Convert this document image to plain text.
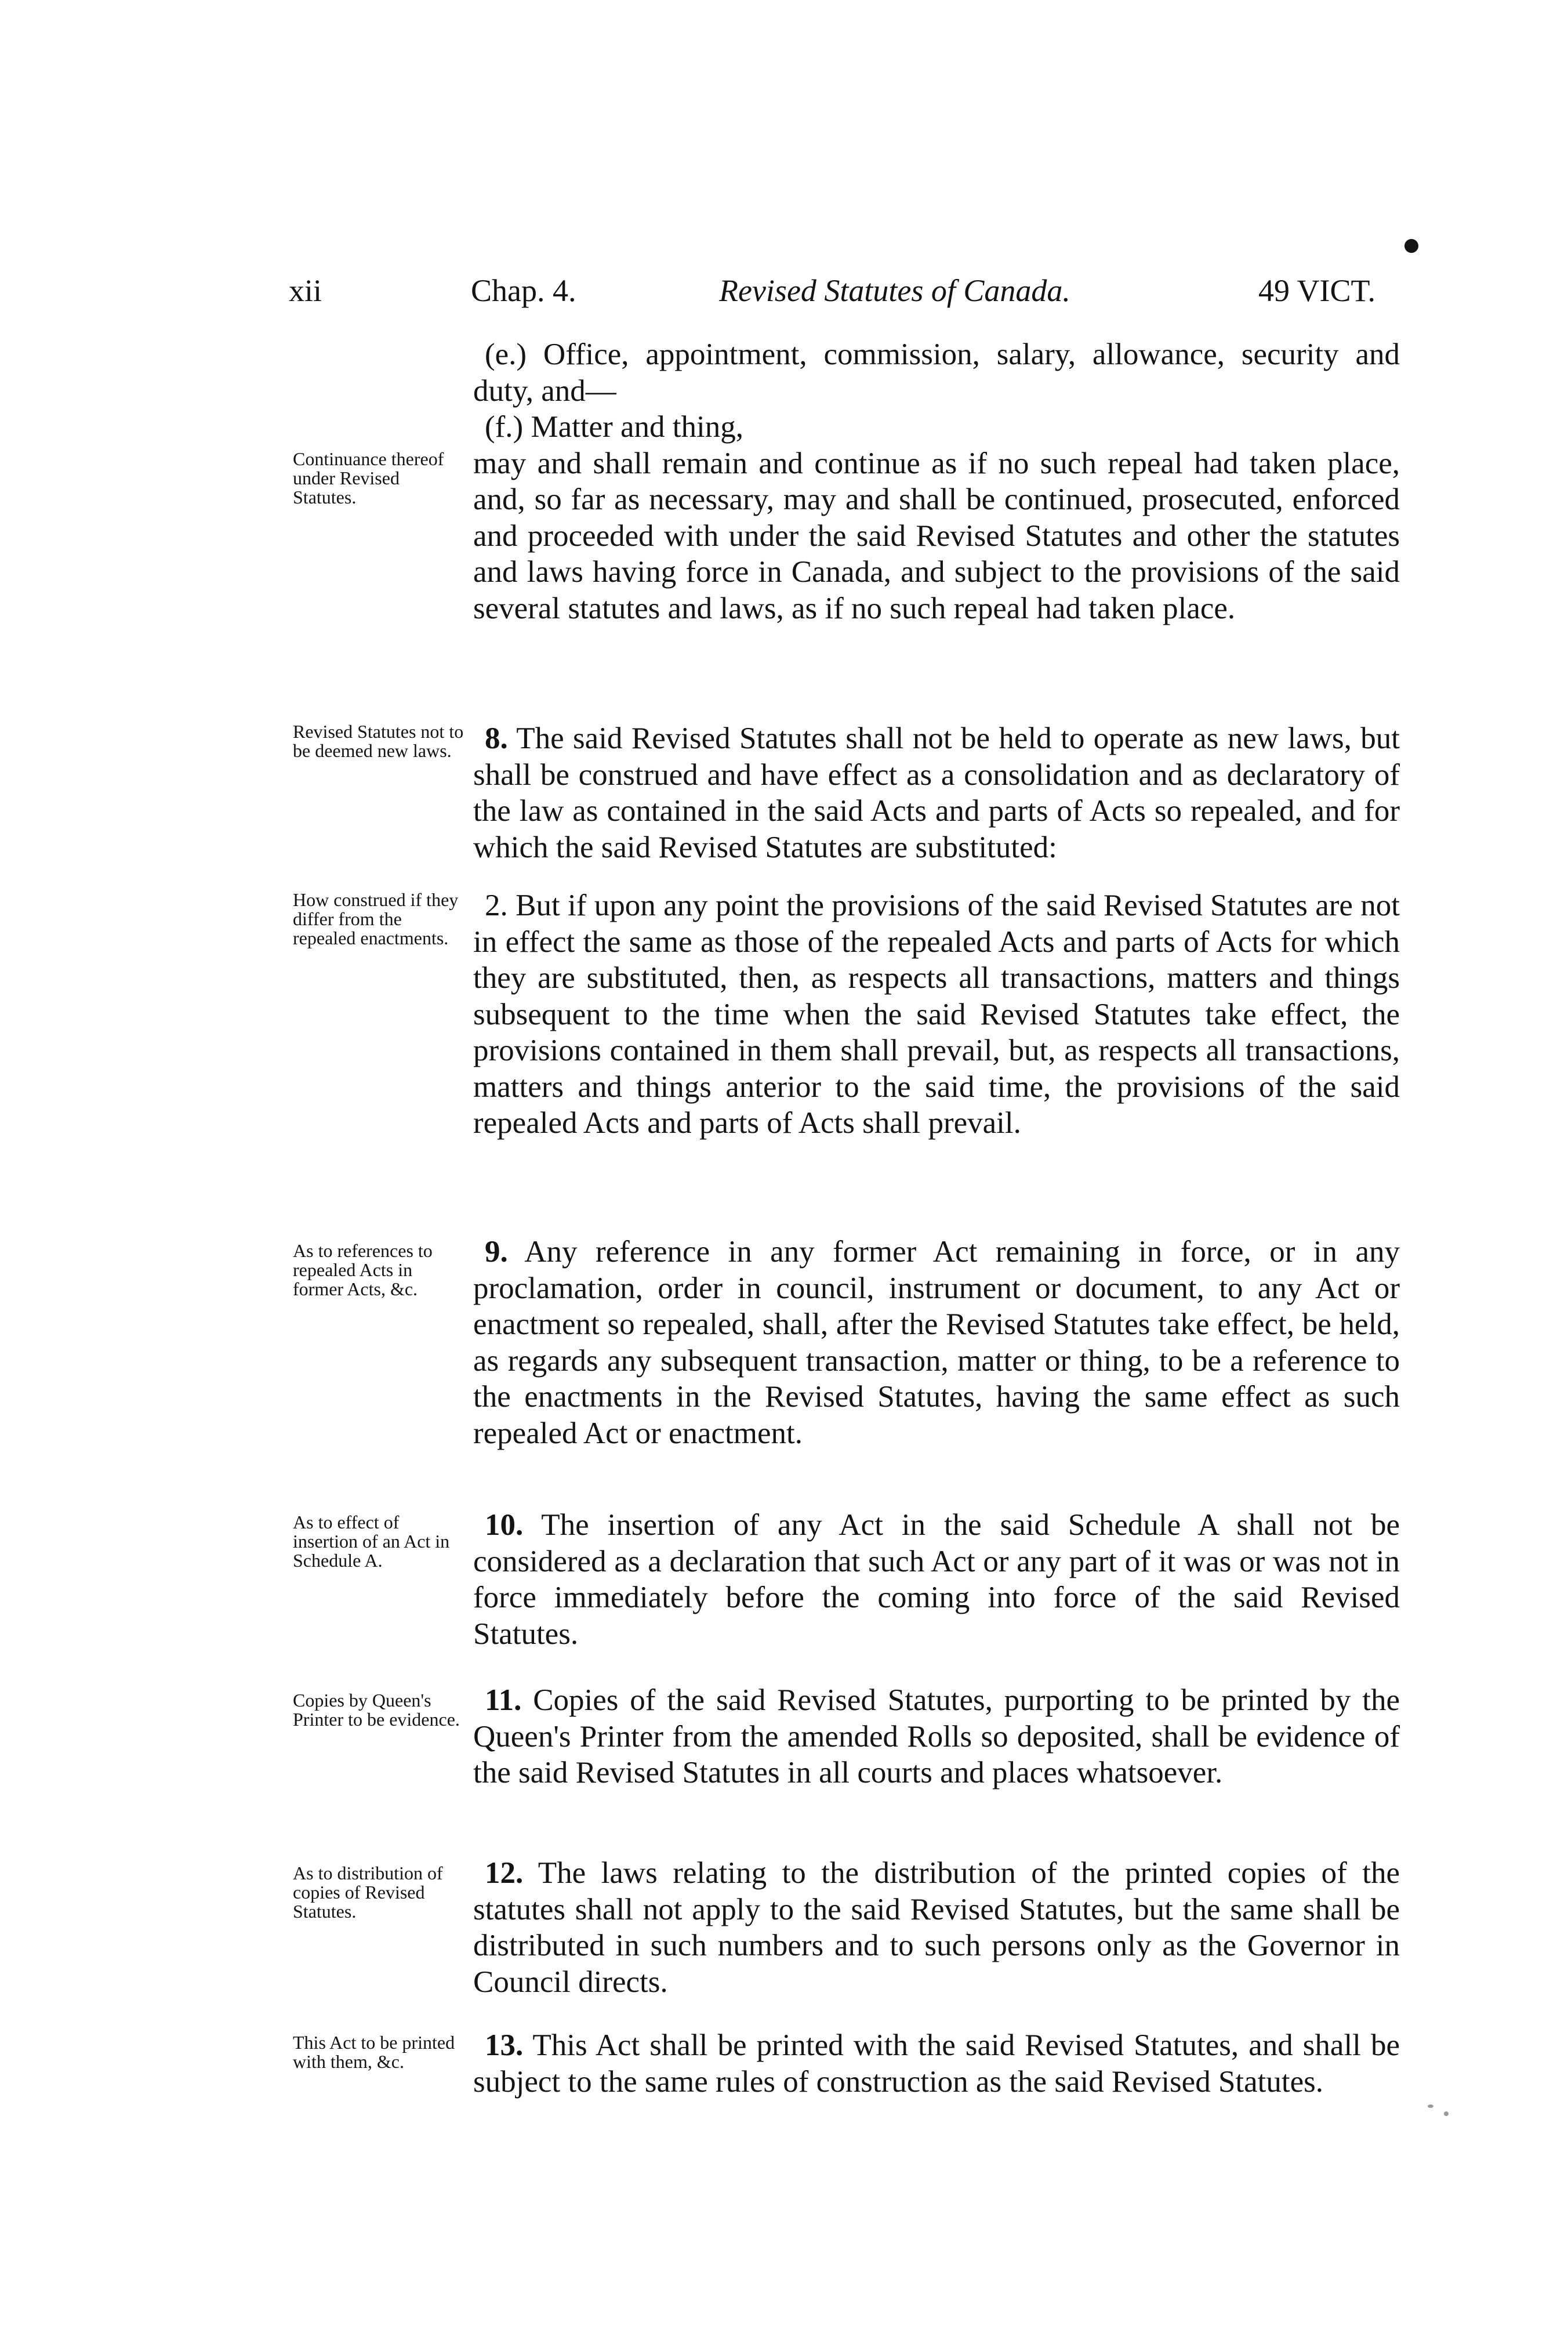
xii	Chap. 4.	Revised Statutes of Canada.	49 VICT.

(e.) Office, appointment, commission, salary, allowance, security and duty, and—

(f.) Matter and thing,

may and shall remain and continue as if no such repeal had taken place, and, so far as necessary, may and shall be continued, prosecuted, enforced and proceeded with under the said Revised Statutes and other the statutes and laws having force in Canada, and subject to the provisions of the said several statutes and laws, as if no such repeal had taken place.

Continuance thereof under Revised Statutes.

8. The said Revised Statutes shall not be held to operate as new laws, but shall be construed and have effect as a consolidation and as declaratory of the law as contained in the said Acts and parts of Acts so repealed, and for which the said Revised Statutes are substituted:

Revised Statutes not to be deemed new laws.

2. But if upon any point the provisions of the said Revised Statutes are not in effect the same as those of the repealed Acts and parts of Acts for which they are substituted, then, as respects all transactions, matters and things subsequent to the time when the said Revised Statutes take effect, the provisions contained in them shall prevail, but, as respects all transactions, matters and things anterior to the said time, the provisions of the said repealed Acts and parts of Acts shall prevail.

How construed if they differ from the repealed enactments.

9. Any reference in any former Act remaining in force, or in any proclamation, order in council, instrument or document, to any Act or enactment so repealed, shall, after the Revised Statutes take effect, be held, as regards any subsequent transaction, matter or thing, to be a reference to the enactments in the Revised Statutes, having the same effect as such repealed Act or enactment.

As to references to repealed Acts in former Acts, &c.

10. The insertion of any Act in the said Schedule A shall not be considered as a declaration that such Act or any part of it was or was not in force immediately before the coming into force of the said Revised Statutes.

As to effect of insertion of an Act in Schedule A.

11. Copies of the said Revised Statutes, purporting to be printed by the Queen's Printer from the amended Rolls so deposited, shall be evidence of the said Revised Statutes in all courts and places whatsoever.

Copies by Queen's Printer to be evidence.

12. The laws relating to the distribution of the printed copies of the statutes shall not apply to the said Revised Statutes, but the same shall be distributed in such numbers and to such persons only as the Governor in Council directs.

As to distribution of copies of Revised Statutes.

13. This Act shall be printed with the said Revised Statutes, and shall be subject to the same rules of construction as the said Revised Statutes.

This Act to be printed with them, &c.
